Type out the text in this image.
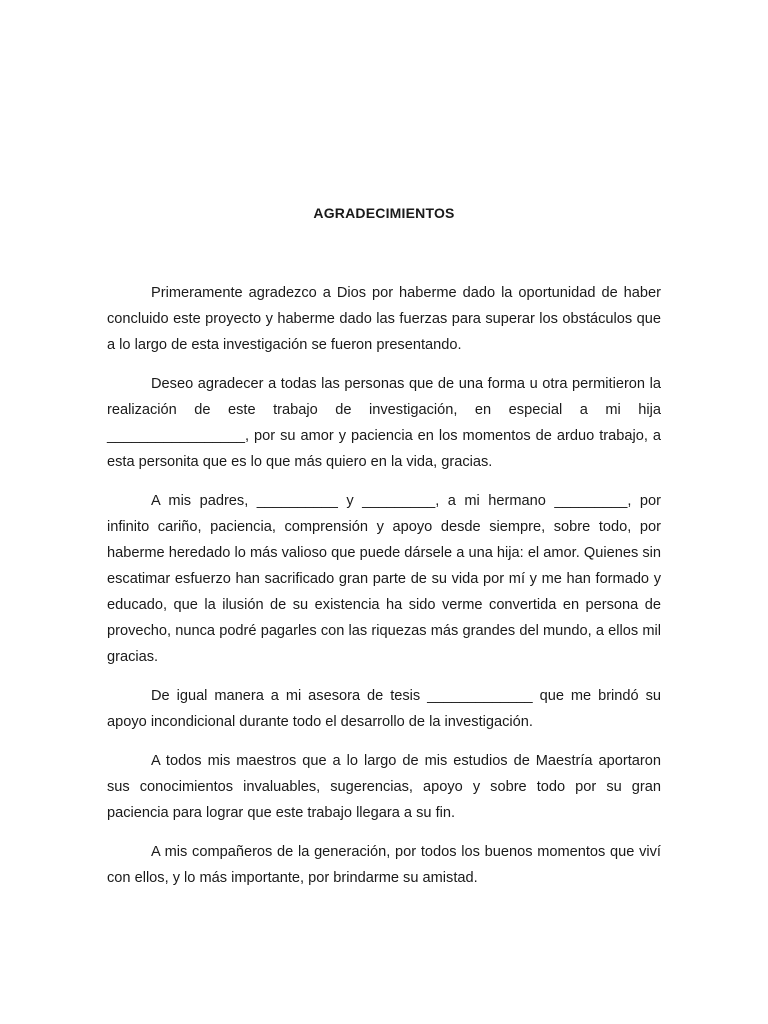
AGRADECIMIENTOS

Primeramente agradezco a Dios por haberme dado la oportunidad de haber concluido este proyecto y haberme dado las fuerzas para superar los obstáculos que a lo largo de esta investigación se fueron presentando.

Deseo agradecer a todas las personas que de una forma u otra permitieron la realización de este trabajo de investigación, en especial a mi hija _________________, por su amor y paciencia en los momentos de arduo trabajo, a esta personita que es lo que más quiero en la vida, gracias.

A mis padres, __________ y _________, a mi hermano _________, por infinito cariño, paciencia, comprensión y apoyo desde siempre, sobre todo, por haberme heredado lo más valioso que puede dársele a una hija: el amor. Quienes sin escatimar esfuerzo han sacrificado gran parte de su vida por mí y me han formado y educado, que la ilusión de su existencia ha sido verme convertida en persona de provecho, nunca podré pagarles con las riquezas más grandes del mundo, a ellos mil gracias.

De igual manera a mi asesora de tesis _____________ que me brindó su apoyo incondicional durante todo el desarrollo de la investigación.

A todos mis maestros que a lo largo de mis estudios de Maestría aportaron sus conocimientos invaluables, sugerencias, apoyo y sobre todo por su gran paciencia para lograr que este trabajo llegara a su fin.

A mis compañeros de la generación, por todos los buenos momentos que viví con ellos, y lo más importante, por brindarme su amistad.
